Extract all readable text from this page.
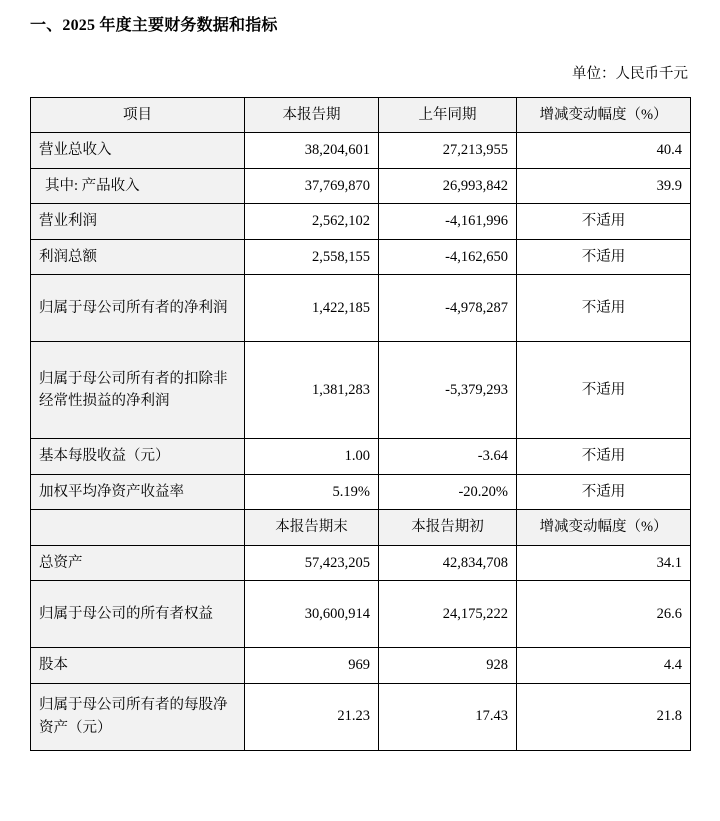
一、2025 年度主要财务数据和指标
单位：人民币千元
项目	本报告期	上年同期	增减变动幅度（%）
营业总收入	38,204,601	27,213,955	40.4
其中: 产品收入	37,769,870	26,993,842	39.9
营业利润	2,562,102	-4,161,996	不适用
利润总额	2,558,155	-4,162,650	不适用
归属于母公司所有者的净利润	1,422,185	-4,978,287	不适用
归属于母公司所有者的扣除非经常性损益的净利润	1,381,283	-5,379,293	不适用
基本每股收益（元）	1.00	-3.64	不适用
加权平均净资产收益率	5.19%	-20.20%	不适用
	本报告期末	本报告期初	增减变动幅度（%）
总资产	57,423,205	42,834,708	34.1
归属于母公司的所有者权益	30,600,914	24,175,222	26.6
股本	969	928	4.4
归属于母公司所有者的每股净资产（元）	21.23	17.43	21.8
